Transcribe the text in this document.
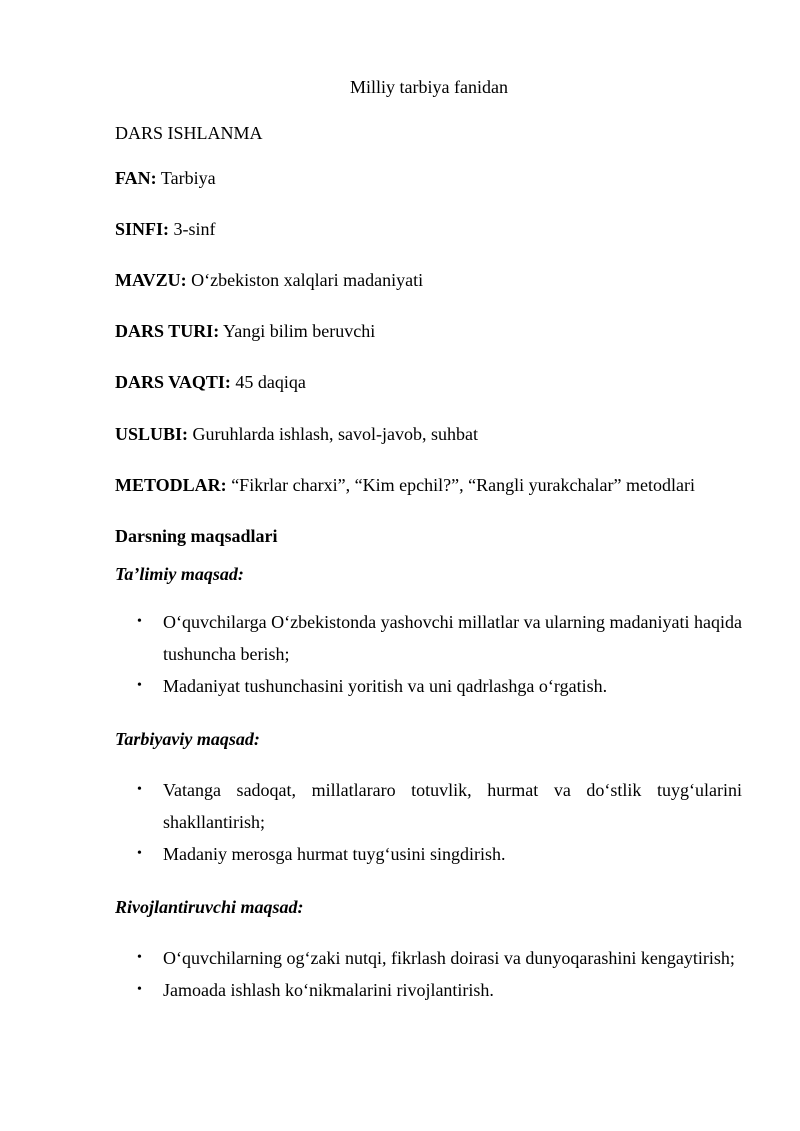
Milliy tarbiya fanidan
DARS ISHLANMA
FAN: Tarbiya
SINFI: 3-sinf
MAVZU: O‘zbekiston xalqlari madaniyati
DARS TURI: Yangi bilim beruvchi
DARS VAQTI: 45 daqiqa
USLUBI: Guruhlarda ishlash, savol-javob, suhbat
METODLAR: “Fikrlar charxi”, “Kim epchil?”, “Rangli yurakchalar” metodlari
Darsning maqsadlari
Ta’limiy maqsad:
• O‘quvchilarga O‘zbekistonda yashovchi millatlar va ularning madaniyati haqida tushuncha berish;
• Madaniyat tushunchasini yoritish va uni qadrlashga o‘rgatish.
Tarbiyaviy maqsad:
• Vatanga sadoqat, millatlararo totuvlik, hurmat va do‘stlik tuyg‘ularini shakllantirish;
• Madaniy merosga hurmat tuyg‘usini singdirish.
Rivojlantiruvchi maqsad:
• O‘quvchilarning og‘zaki nutqi, fikrlash doirasi va dunyoqarashini kengaytirish;
• Jamoada ishlash ko‘nikmalarini rivojlantirish.
